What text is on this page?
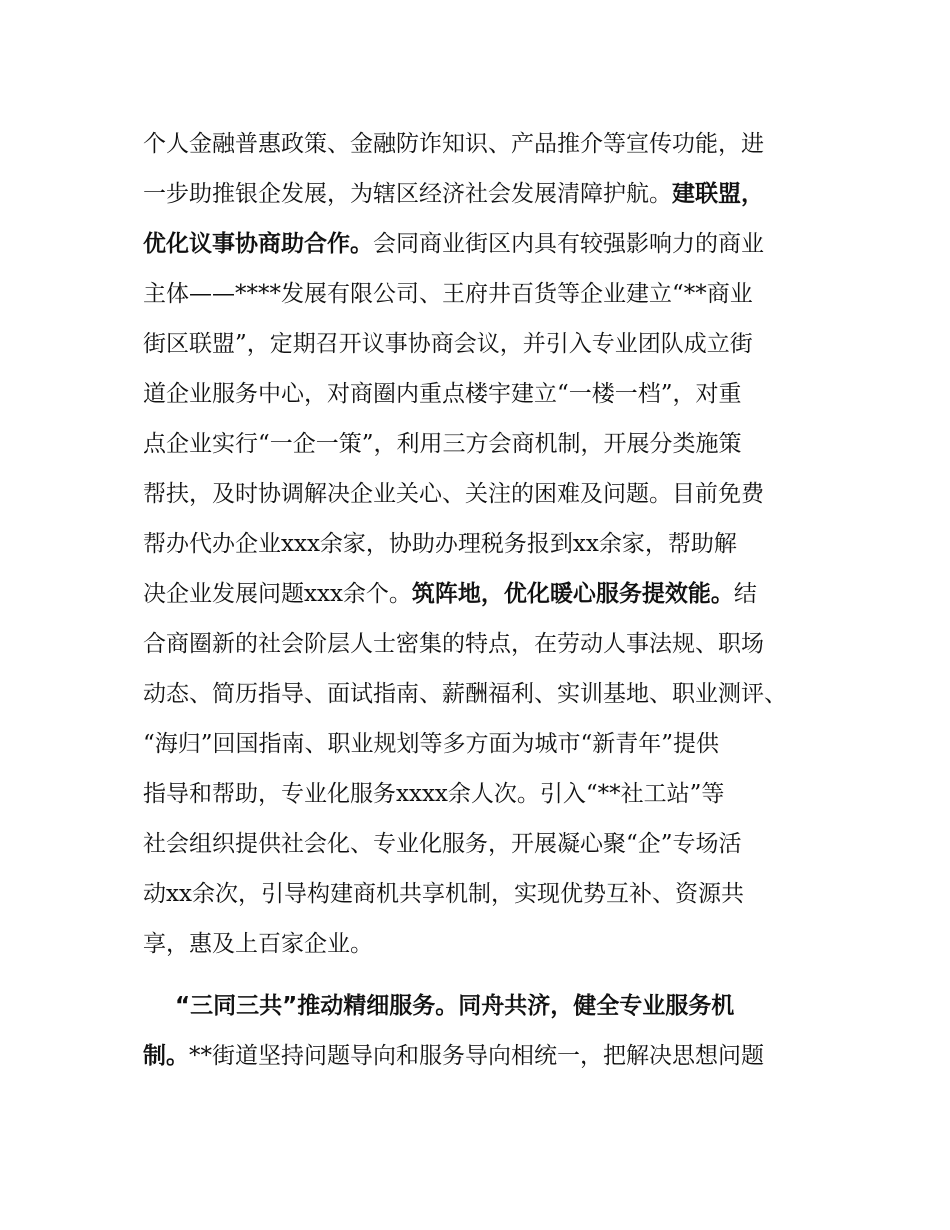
个人金融普惠政策、金融防诈知识、产品推介等宣传功能，进
一步助推银企发展，为辖区经济社会发展清障护航。建联盟，
优化议事协商助合作。会同商业街区内具有较强影响力的商业
主体——****发展有限公司、王府井百货等企业建立“**商业
街区联盟”，定期召开议事协商会议，并引入专业团队成立街
道企业服务中心，对商圈内重点楼宇建立“一楼一档”，对重
点企业实行“一企一策”，利用三方会商机制，开展分类施策
帮扶，及时协调解决企业关心、关注的困难及问题。目前免费
帮办代办企业xxx余家，协助办理税务报到xx余家，帮助解
决企业发展问题xxx余个。筑阵地，优化暖心服务提效能。结
合商圈新的社会阶层人士密集的特点，在劳动人事法规、职场
动态、简历指导、面试指南、薪酬福利、实训基地、职业测评、
“海归”回国指南、职业规划等多方面为城市“新青年”提供
指导和帮助，专业化服务xxxx余人次。引入“**社工站”等
社会组织提供社会化、专业化服务，开展凝心聚“企”专场活
动xx余次，引导构建商机共享机制，实现优势互补、资源共
享，惠及上百家企业。
“三同三共”推动精细服务。同舟共济，健全专业服务机
制。**街道坚持问题导向和服务导向相统一，把解决思想问题
